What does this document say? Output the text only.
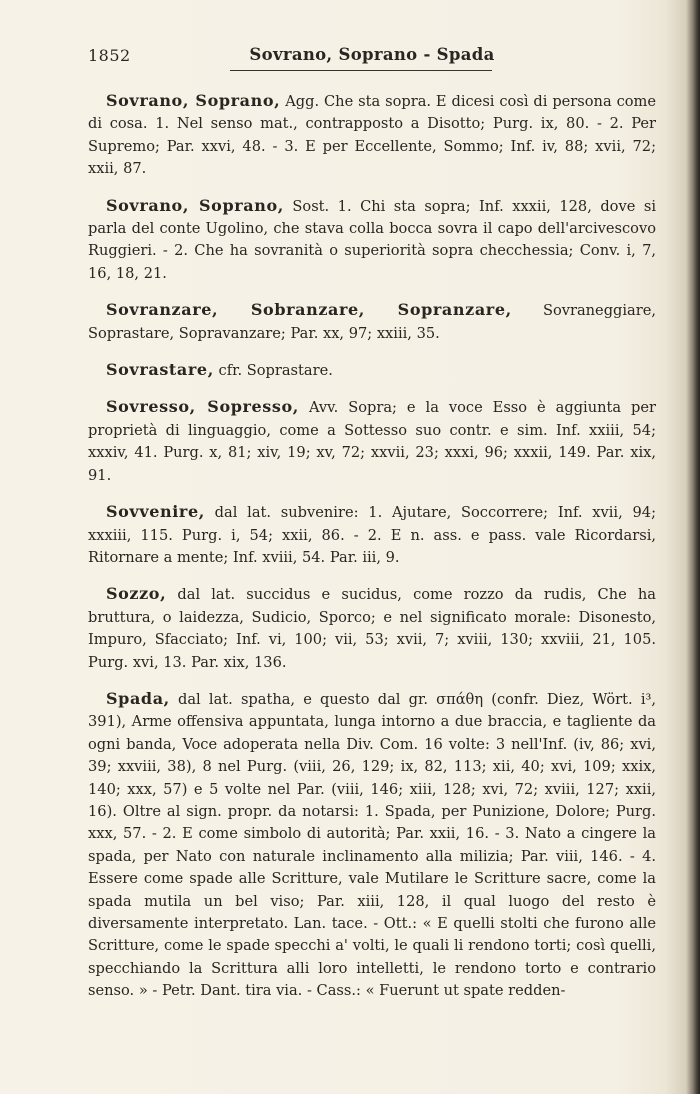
1852	Sovrano, Soprano - Spada

Sovrano, Soprano, Agg. Che sta sopra. E dicesi così di persona come di cosa. 1. Nel senso mat., contrapposto a Disotto; Purg. ix, 80. - 2. Per Supremo; Par. xxvi, 48. - 3. E per Eccellente, Sommo; Inf. iv, 88; xvii, 72; xxii, 87.

Sovrano, Soprano, Sost. 1. Chi sta sopra; Inf. xxxii, 128, dove si parla del conte Ugolino, che stava colla bocca sovra il capo dell'arcivescovo Ruggieri. - 2. Che ha sovranità o superiorità sopra checchessia; Conv. i, 7, 16, 18, 21.

Sovranzare, Sobranzare, Sopranzare, Sovraneggiare, Soprastare, Sopravanzare; Par. xx, 97; xxiii, 35.

Sovrastare, cfr. Soprastare.

Sovresso, Sopresso, Avv. Sopra; e la voce Esso è aggiunta per proprietà di linguaggio, come a Sottesso suo contr. e sim. Inf. xxiii, 54; xxxiv, 41. Purg. x, 81; xiv, 19; xv, 72; xxvii, 23; xxxi, 96; xxxii, 149. Par. xix, 91.

Sovvenire, dal lat. subvenire: 1. Ajutare, Soccorrere; Inf. xvii, 94; xxxiii, 115. Purg. i, 54; xxii, 86. - 2. E n. ass. e pass. vale Ricordarsi, Ritornare a mente; Inf. xviii, 54. Par. iii, 9.

Sozzo, dal lat. succidus e sucidus, come rozzo da rudis, Che ha bruttura, o laidezza, Sudicio, Sporco; e nel significato morale: Disonesto, Impuro, Sfacciato; Inf. vi, 100; vii, 53; xvii, 7; xviii, 130; xxviii, 21, 105. Purg. xvi, 13. Par. xix, 136.

Spada, dal lat. spatha, e questo dal gr. σπάθη (confr. Diez, Wört. i³, 391), Arme offensiva appuntata, lunga intorno a due braccia, e tagliente da ogni banda, Voce adoperata nella Div. Com. 16 volte: 3 nell'Inf. (iv, 86; xvi, 39; xxviii, 38), 8 nel Purg. (viii, 26, 129; ix, 82, 113; xii, 40; xvi, 109; xxix, 140; xxx, 57) e 5 volte nel Par. (viii, 146; xiii, 128; xvi, 72; xviii, 127; xxii, 16). Oltre al sign. propr. da notarsi: 1. Spada, per Punizione, Dolore; Purg. xxx, 57. - 2. E come simbolo di autorità; Par. xxii, 16. - 3. Nato a cingere la spada, per Nato con naturale inclinamento alla milizia; Par. viii, 146. - 4. Essere come spade alle Scritture, vale Mutilare le Scritture sacre, come la spada mutila un bel viso; Par. xiii, 128, il qual luogo del resto è diversamente interpretato. Lan. tace. - Ott.: « E quelli stolti che furono alle Scritture, come le spade specchi a' volti, le quali li rendono torti; così quelli, specchiando la Scrittura alli loro intelletti, le rendono torto e contrario senso. » - Petr. Dant. tira via. - Cass.: « Fuerunt ut spate redden-
